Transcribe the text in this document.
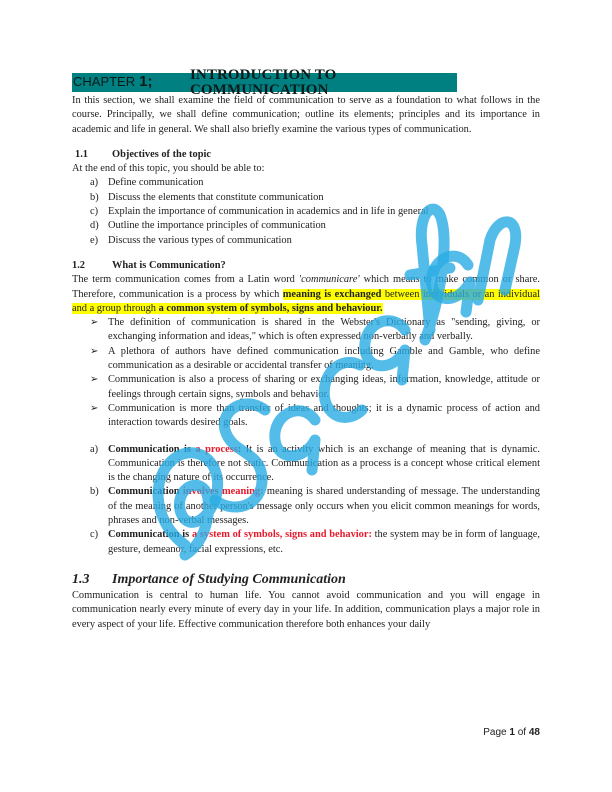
CHAPTER 1;	INTRODUCTION TO COMMUNICATION

In this section, we shall examine the field of communication to serve as a foundation to what follows in the course. Principally, we shall define communication; outline its elements; principles and its importance in academic and life in general. We shall also briefly examine the various types of communication.

1.1	Objectives of the topic

At the end of this topic, you should be able to:

a) Define communication
b) Discuss the elements that constitute communication
c) Explain the importance of communication in academics and in life in general
d) Outline the importance principles of communication
e) Discuss the various types of communication
1.2	What is Communication?

The term communication comes from a Latin word 'communicare' which means to make common or share. Therefore, communication is a process by which meaning is exchanged between individuals or an individual and a group through a common system of symbols, signs and behaviour.

➢ The definition of communication is shared in the Webster's Dictionary as "sending, giving, or exchanging information and ideas," which is often expressed non-verbally and verbally.
➢ A plethora of authors have defined communication including Gamble and Gamble, who define communication as a desirable or accidental transfer of meaning.
➢ Communication is also a process of sharing or exchanging ideas, information, knowledge, attitude or feelings through certain signs, symbols and behavior.
➢ Communication is more than transfer of ideas and thoughts; it is a dynamic process of action and interaction towards desired goals.
a) Communication is a process: It is an activity which is an exchange of meaning that is dynamic. Communication is therefore not static. Communication as a process is a concept whose critical element is the changing nature of its occurrence.
b) Communication involves meaning: meaning is shared understanding of message. The understanding of the meaning of another person's message only occurs when you elicit common meanings for words, phrases and non-verbal messages.
c) Communication is a system of symbols, signs and behavior: the system may be in form of language, gesture, demeanor, facial expressions, etc.
1.3	Importance of Studying Communication

Communication is central to human life. You cannot avoid communication and you will engage in communication nearly every minute of every day in your life. In addition, communication plays a major role in every aspect of your life. Effective communication therefore both enhances your daily

Page 1 of 48
